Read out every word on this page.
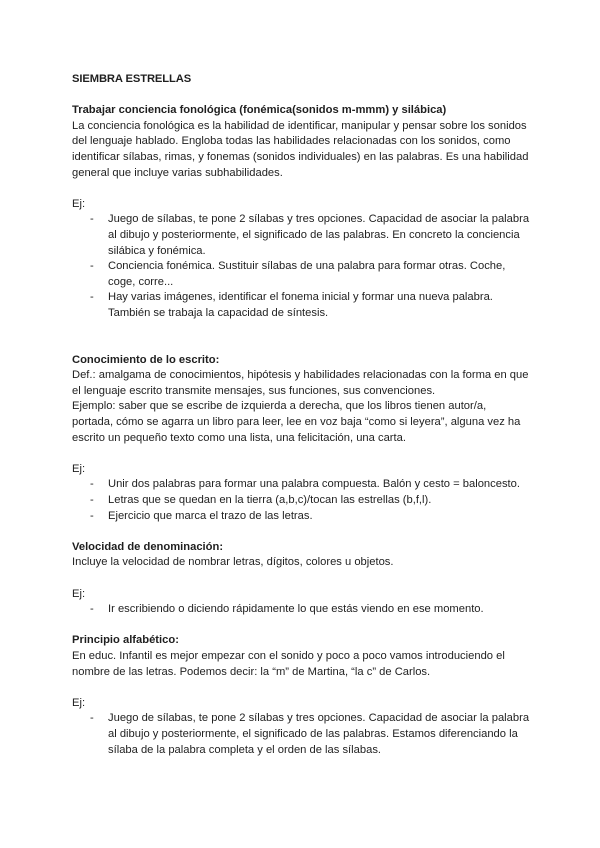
SIEMBRA ESTRELLAS

Trabajar conciencia fonológica (fonémica(sonidos m-mmm) y silábica)

La conciencia fonológica es la habilidad de identificar, manipular y pensar sobre los sonidos del lenguaje hablado. Engloba todas las habilidades relacionadas con los sonidos, como identificar sílabas, rimas, y fonemas (sonidos individuales) en las palabras. Es una habilidad general que incluye varias subhabilidades.

Ej:

- Juego de sílabas, te pone 2 sílabas y tres opciones. Capacidad de asociar la palabra al dibujo y posteriormente, el significado de las palabras. En concreto la conciencia silábica y fonémica.
- Conciencia fonémica. Sustituir sílabas de una palabra para formar otras. Coche, coge, corre...
- Hay varias imágenes, identificar el fonema inicial y formar una nueva palabra. También se trabaja la capacidad de síntesis.

Conocimiento de lo escrito:

Def.: amalgama de conocimientos, hipótesis y habilidades relacionadas con la forma en que el lenguaje escrito transmite mensajes, sus funciones, sus convenciones.

Ejemplo: saber que se escribe de izquierda a derecha, que los libros tienen autor/a, portada, cómo se agarra un libro para leer, lee en voz baja “como si leyera”, alguna vez ha escrito un pequeño texto como una lista, una felicitación, una carta.

Ej:

- Unir dos palabras para formar una palabra compuesta. Balón y cesto = baloncesto.
- Letras que se quedan en la tierra (a,b,c)/tocan las estrellas (b,f,l).
- Ejercicio que marca el trazo de las letras.

Velocidad de denominación:

Incluye la velocidad de nombrar letras, dígitos, colores u objetos.

Ej:

- Ir escribiendo o diciendo rápidamente lo que estás viendo en ese momento.

Principio alfabético:

En educ. Infantil es mejor empezar con el sonido y poco a poco vamos introduciendo el nombre de las letras. Podemos decir: la “m” de Martina, “la c” de Carlos.

Ej:

- Juego de sílabas, te pone 2 sílabas y tres opciones. Capacidad de asociar la palabra al dibujo y posteriormente, el significado de las palabras. Estamos diferenciando la sílaba de la palabra completa y el orden de las sílabas.
